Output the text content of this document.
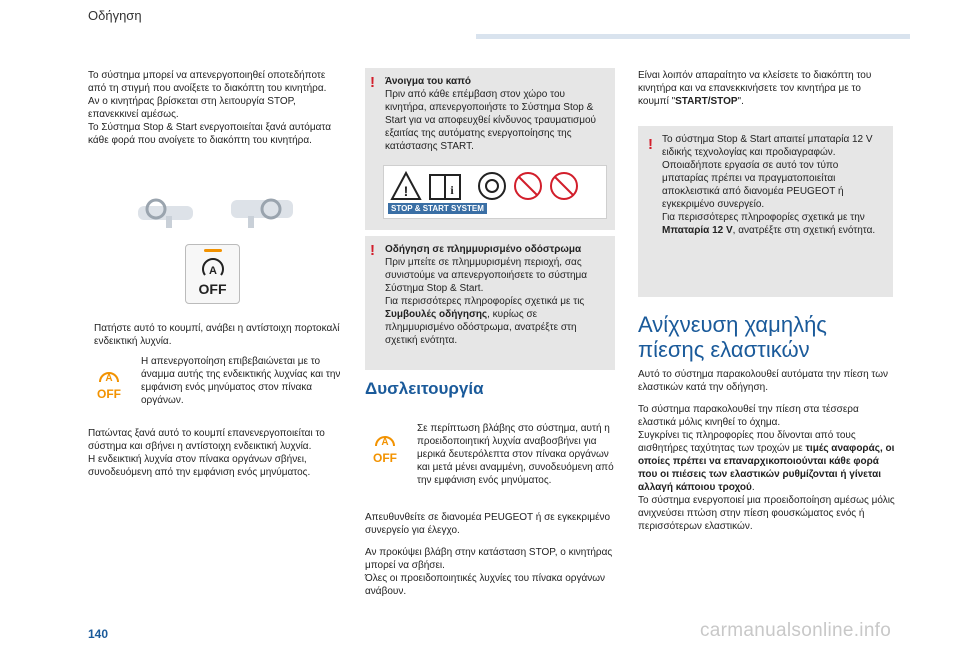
Οδήγηση

Το σύστημα μπορεί να απενεργοποιηθεί οποτεδήποτε από τη στιγμή που ανοίξετε το διακόπτη του κινητήρα.

Αν ο κινητήρας βρίσκεται στη λειτουργία STOP, επανεκκινεί αμέσως.

Το Σύστημα Stop & Start ενεργοποιείται ξανά αυτόματα κάθε φορά που ανοίγετε το διακόπτη του κινητήρα.

A
OFF
Πατήστε αυτό το κουμπί, ανάβει η αντίστοιχη πορτοκαλί ενδεικτική λυχνία.
A
OFF

Η απενεργοποίηση επιβεβαιώνεται με το άναμμα αυτής της ενδεικτικής λυχνίας και την εμφάνιση ενός μηνύματος στον πίνακα οργάνων.

Πατώντας ξανά αυτό το κουμπί επανενεργοποιείται το σύστημα και σβήνει η αντίστοιχη ενδεικτική λυχνία.

Η ενδεικτική λυχνία στον πίνακα οργάνων σβήνει, συνοδευόμενη από την εμφάνιση ενός μηνύματος.

! Άνοιγμα του καπό
Πριν από κάθε επέμβαση στον χώρο του κινητήρα, απενεργοποιήστε το Σύστημα Stop & Start για να αποφευχθεί κίνδυνος τραυματισμού εξαιτίας της αυτόματης ενεργοποίησης της κατάστασης START.
!	i
STOP & START SYSTEM
! Οδήγηση σε πλημμυρισμένο οδόστρωμα
Πριν μπείτε σε πλημμυρισμένη περιοχή, σας συνιστούμε να απενεργοποιήσετε το σύστημα Σύστημα Stop & Start.
Για περισσότερες πληροφορίες σχετικά με τις Συμβουλές οδήγησης, κυρίως σε πλημμυρισμένο οδόστρωμα, ανατρέξτε στη σχετική ενότητα.
Δυσλειτουργία
A
OFF

Σε περίπτωση βλάβης στο σύστημα, αυτή η προειδοποιητική λυχνία αναβοσβήνει για μερικά δευτερόλεπτα στον πίνακα οργάνων και μετά μένει αναμμένη, συνοδευόμενη από την εμφάνιση ενός μηνύματος.

Απευθυνθείτε σε διανομέα PEUGEOT ή σε εγκεκριμένο συνεργείο για έλεγχο.

Αν προκύψει βλάβη στην κατάσταση STOP, ο κινητήρας μπορεί να σβήσει.

Όλες οι προειδοποιητικές λυχνίες του πίνακα οργάνων ανάβουν.

Είναι λοιπόν απαραίτητο να κλείσετε το διακόπτη του κινητήρα και να επανεκκινήσετε τον κινητήρα με το κουμπί "START/STOP".

! Το σύστημα Stop & Start απαιτεί μπαταρία 12 V ειδικής τεχνολογίας και προδιαγραφών.
Οποιαδήποτε εργασία σε αυτό τον τύπο μπαταρίας πρέπει να πραγματοποιείται αποκλειστικά από διανομέα PEUGEOT ή εγκεκριμένο συνεργείο.
Για περισσότερες πληροφορίες σχετικά με την Μπαταρία 12 V, ανατρέξτε στη σχετική ενότητα.
Ανίχνευση χαμηλής πίεσης ελαστικών

Αυτό το σύστημα παρακολουθεί αυτόματα την πίεση των ελαστικών κατά την οδήγηση.

Το σύστημα παρακολουθεί την πίεση στα τέσσερα ελαστικά μόλις κινηθεί το όχημα.

Συγκρίνει τις πληροφορίες που δίνονται από τους αισθητήρες ταχύτητας των τροχών με τιμές αναφοράς, οι οποίες πρέπει να επαναρχικοποιούνται κάθε φορά που οι πιέσεις των ελαστικών ρυθμίζονται ή γίνεται αλλαγή κάποιου τροχού.

Το σύστημα ενεργοποιεί μια προειδοποίηση αμέσως μόλις ανιχνεύσει πτώση στην πίεση φουσκώματος ενός ή περισσότερων ελαστικών.

140	carmanualsonline.info
